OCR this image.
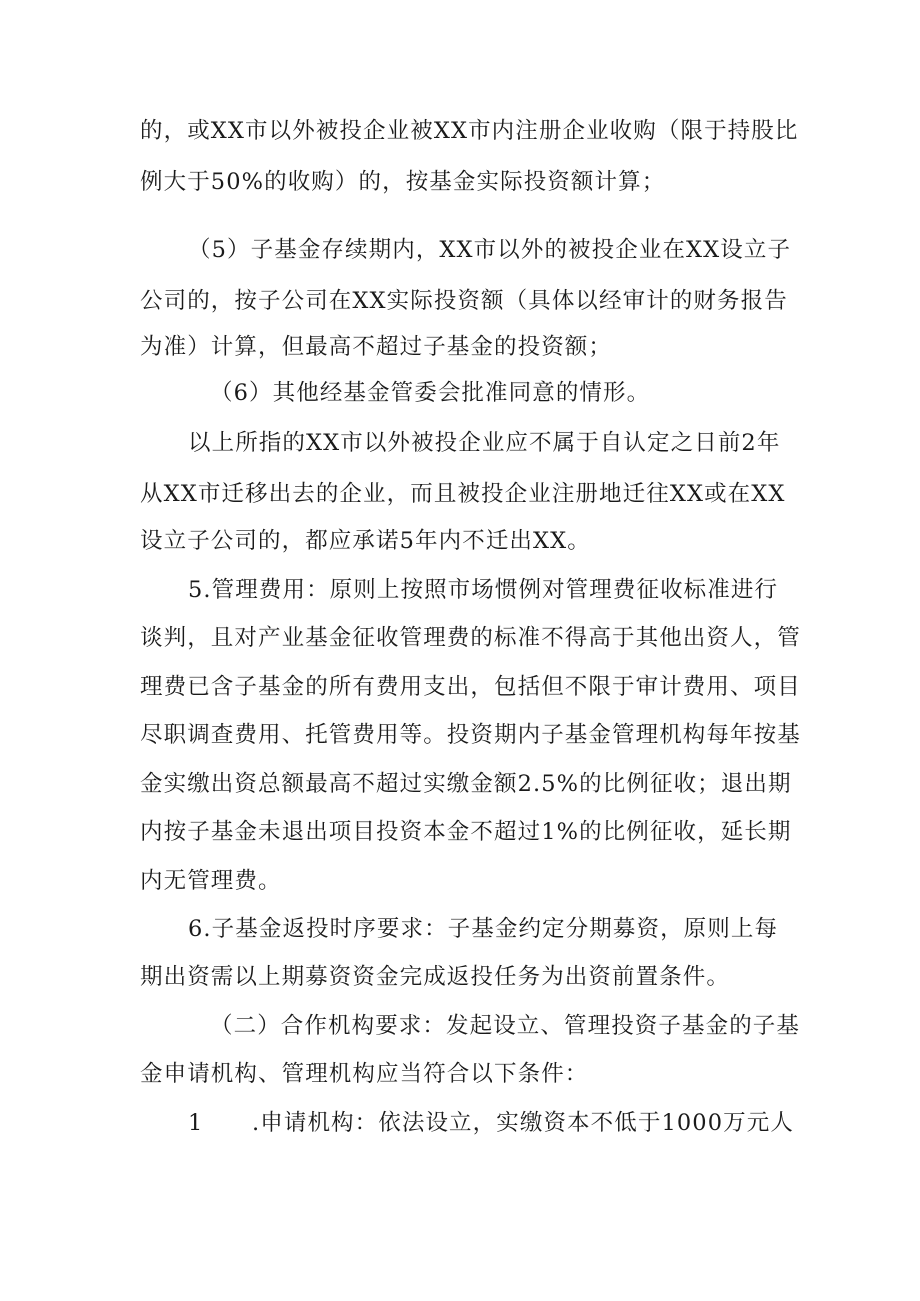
的，或XX市以外被投企业被XX市内注册企业收购（限于持股比
例大于50%的收购）的，按基金实际投资额计算；
（5）子基金存续期内，XX市以外的被投企业在XX设立子
公司的，按子公司在XX实际投资额（具体以经审计的财务报告
为准）计算，但最高不超过子基金的投资额；
（6）其他经基金管委会批准同意的情形。
以上所指的XX市以外被投企业应不属于自认定之日前2年
从XX市迁移出去的企业，而且被投企业注册地迁往XX或在XX
设立子公司的，都应承诺5年内不迁出XX。
5.管理费用：原则上按照市场惯例对管理费征收标准进行
谈判，且对产业基金征收管理费的标准不得高于其他出资人，管
理费已含子基金的所有费用支出，包括但不限于审计费用、项目
尽职调查费用、托管费用等。投资期内子基金管理机构每年按基
金实缴出资总额最高不超过实缴金额2.5%的比例征收；退出期
内按子基金未退出项目投资本金不超过1%的比例征收，延长期
内无管理费。
6.子基金返投时序要求：子基金约定分期募资，原则上每
期出资需以上期募资资金完成返投任务为出资前置条件。
（二）合作机构要求：发起设立、管理投资子基金的子基
金申请机构、管理机构应当符合以下条件：
1 .申请机构：依法设立，实缴资本不低于1000万元人
